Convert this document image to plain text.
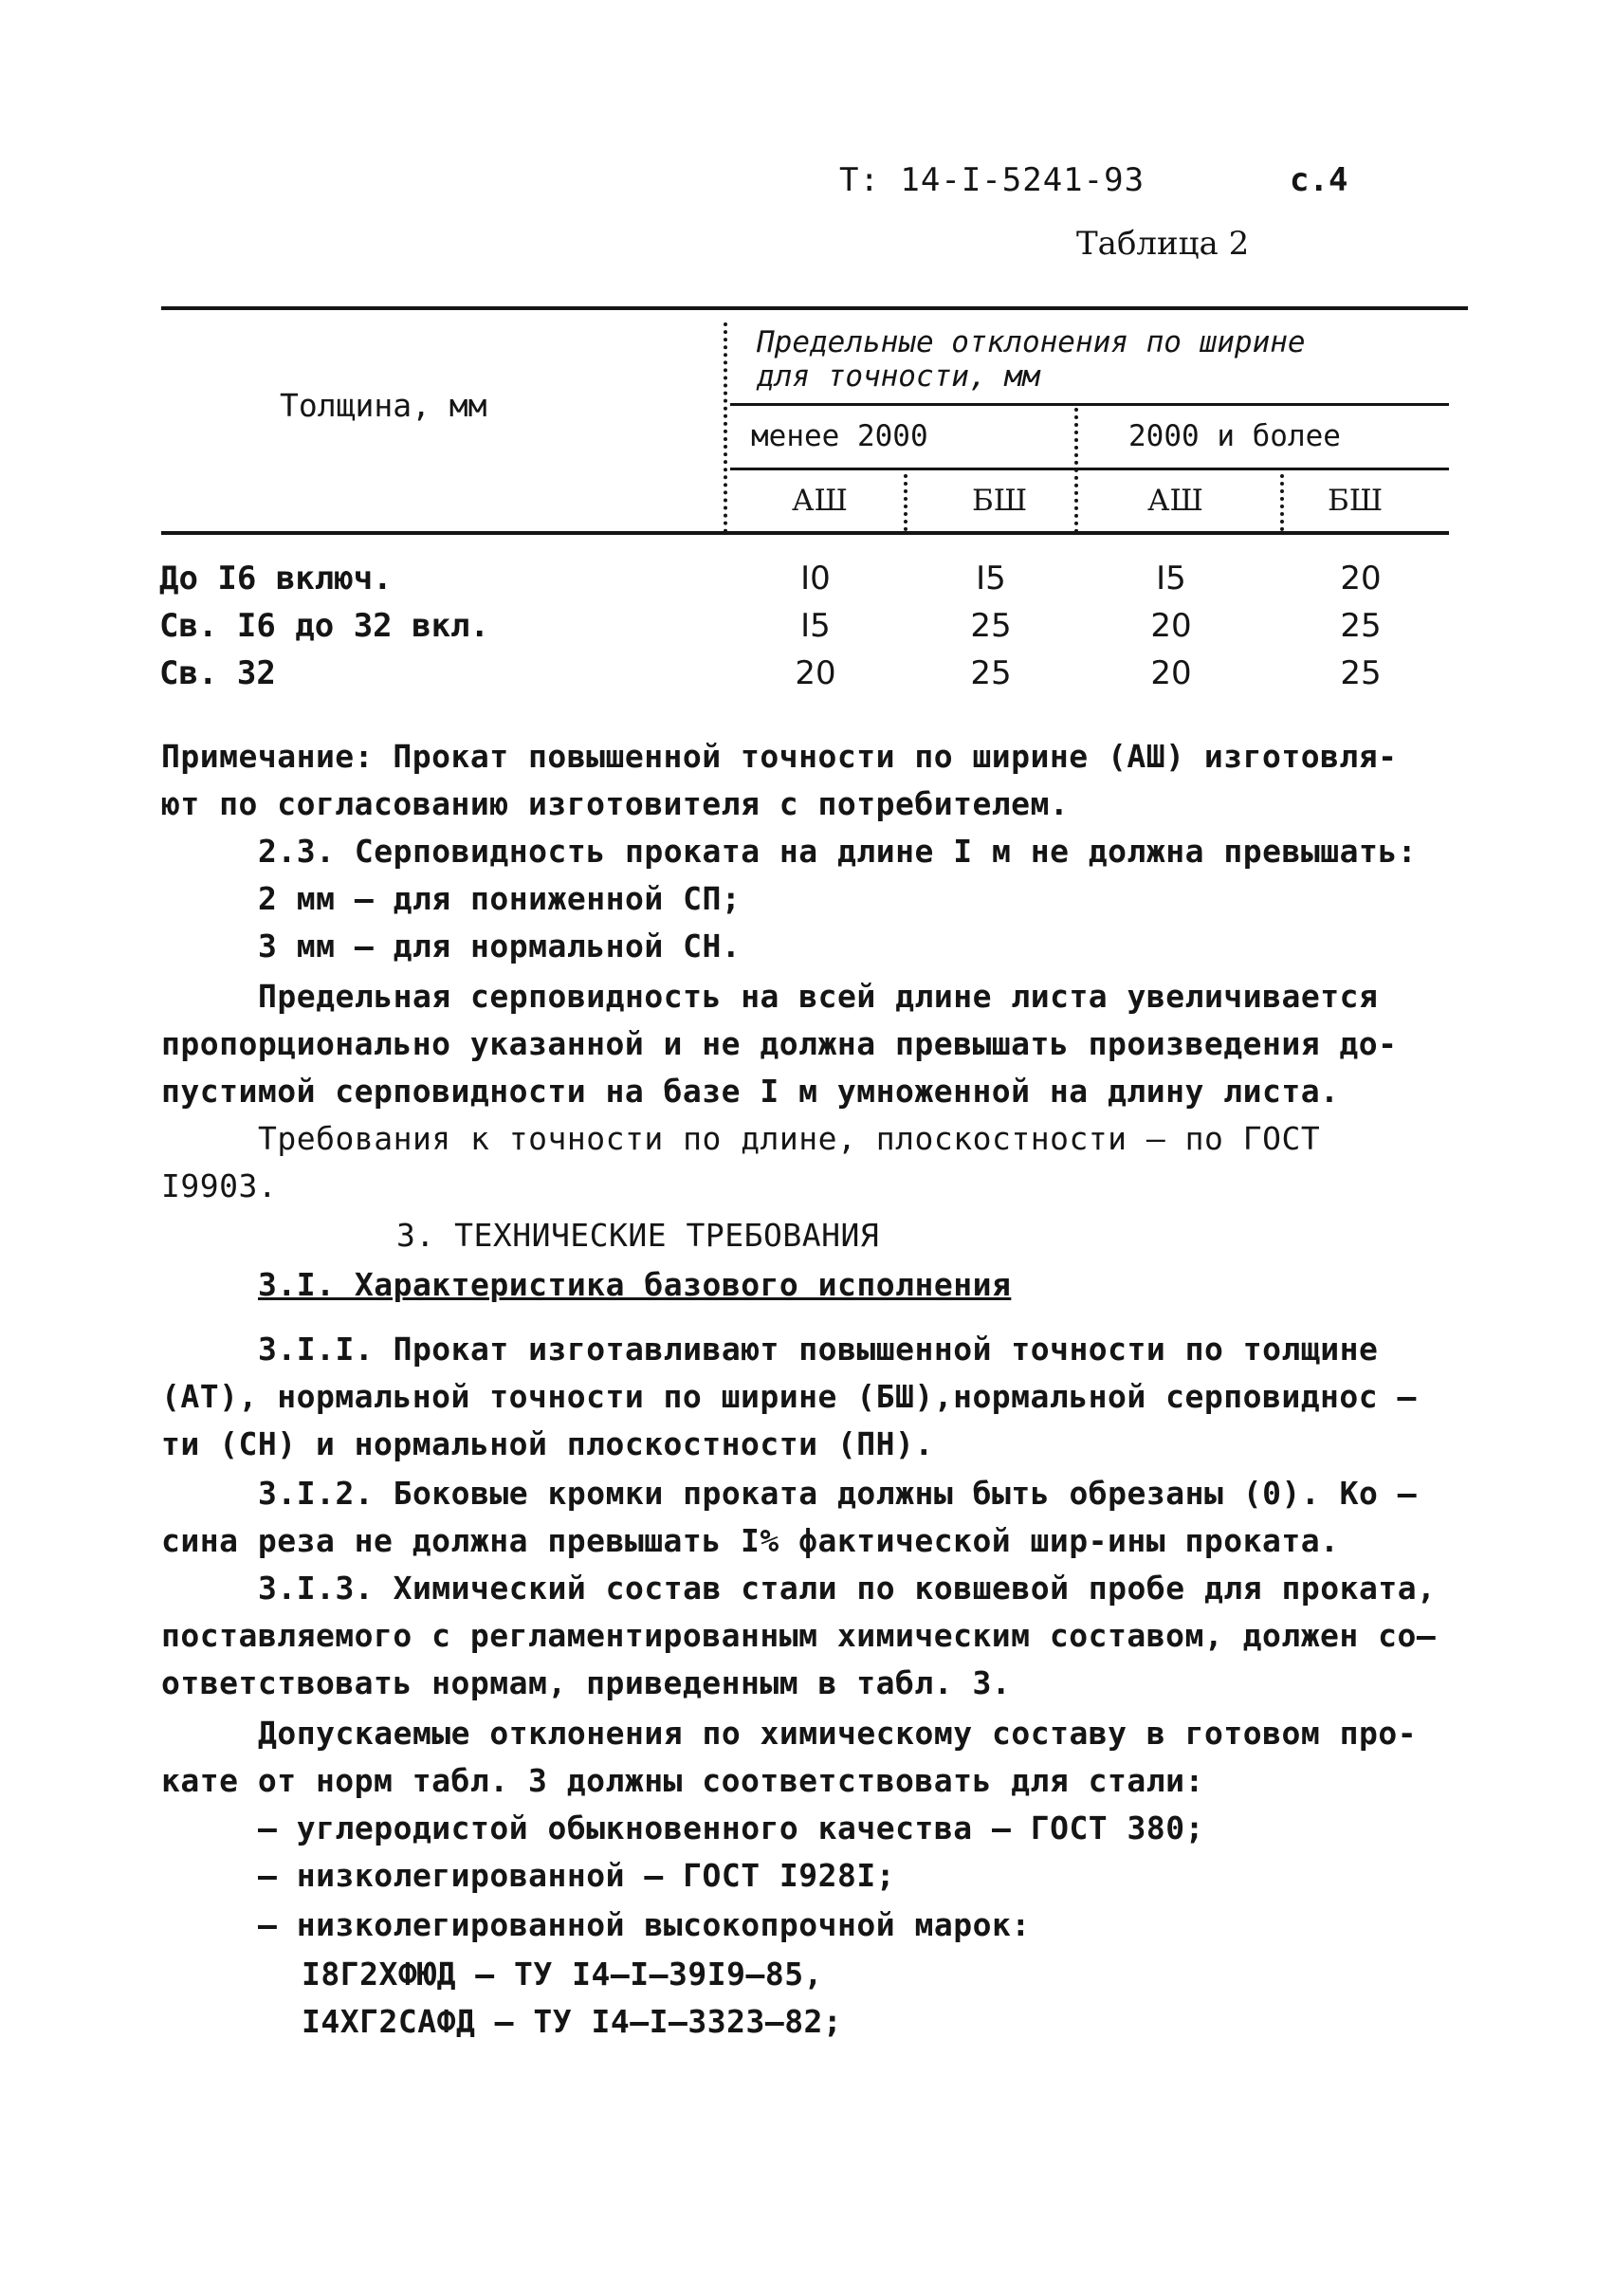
Т: 14-I-5241-93	с.4
Таблица 2
Толщина, мм
Предельные отклонения по ширине
для точности, мм
менее 2000	2000 и более
АШ	БШ	АШ	БШ
До I6 включ.	I0	I5	I5	20
Св. I6 до 32 вкл.	I5	25	20	25
Св. 32	20	25	20	25
Примечание: Прокат повышенной точности по ширине (АШ) изготовля-
ют по согласованию изготовителя с потребителем.
2.3. Серповидность проката на длине I м не должна превышать:
2 мм – для пониженной СП;
3 мм – для нормальной СН.
Предельная серповидность на всей длине листа увеличивается
пропорционально указанной и не должна превышать произведения до-
пустимой серповидности на базе I м умноженной на длину листа.
Требования к точности по длине, плоскостности – по ГОСТ
I9903.
3. ТЕХНИЧЕСКИЕ ТРЕБОВАНИЯ
3.I. Характеристика базового исполнения
3.I.I. Прокат изготавливают повышенной точности по толщине
(АТ), нормальной точности по ширине (БШ),нормальной серповиднос –
ти (СН) и нормальной плоскостности (ПН).
3.I.2. Боковые кромки проката должны быть обрезаны (0). Ко –
сина реза не должна превышать I% фактической шир-ины проката.
3.I.3. Химический состав стали по ковшевой пробе для проката,
поставляемого с регламентированным химическим составом, должен со–
ответствовать нормам, приведенным в табл. 3.
Допускаемые отклонения по химическому составу в готовом про-
кате от норм табл. 3 должны соответствовать для стали:
– углеродистой обыкновенного качества – ГОСТ 380;
– низколегированной – ГОСТ I928I;
– низколегированной высокопрочной марок:
I8Г2ХФЮД – ТУ I4–I–39I9–85,
I4ХГ2САФД – ТУ I4–I–3323–82;
